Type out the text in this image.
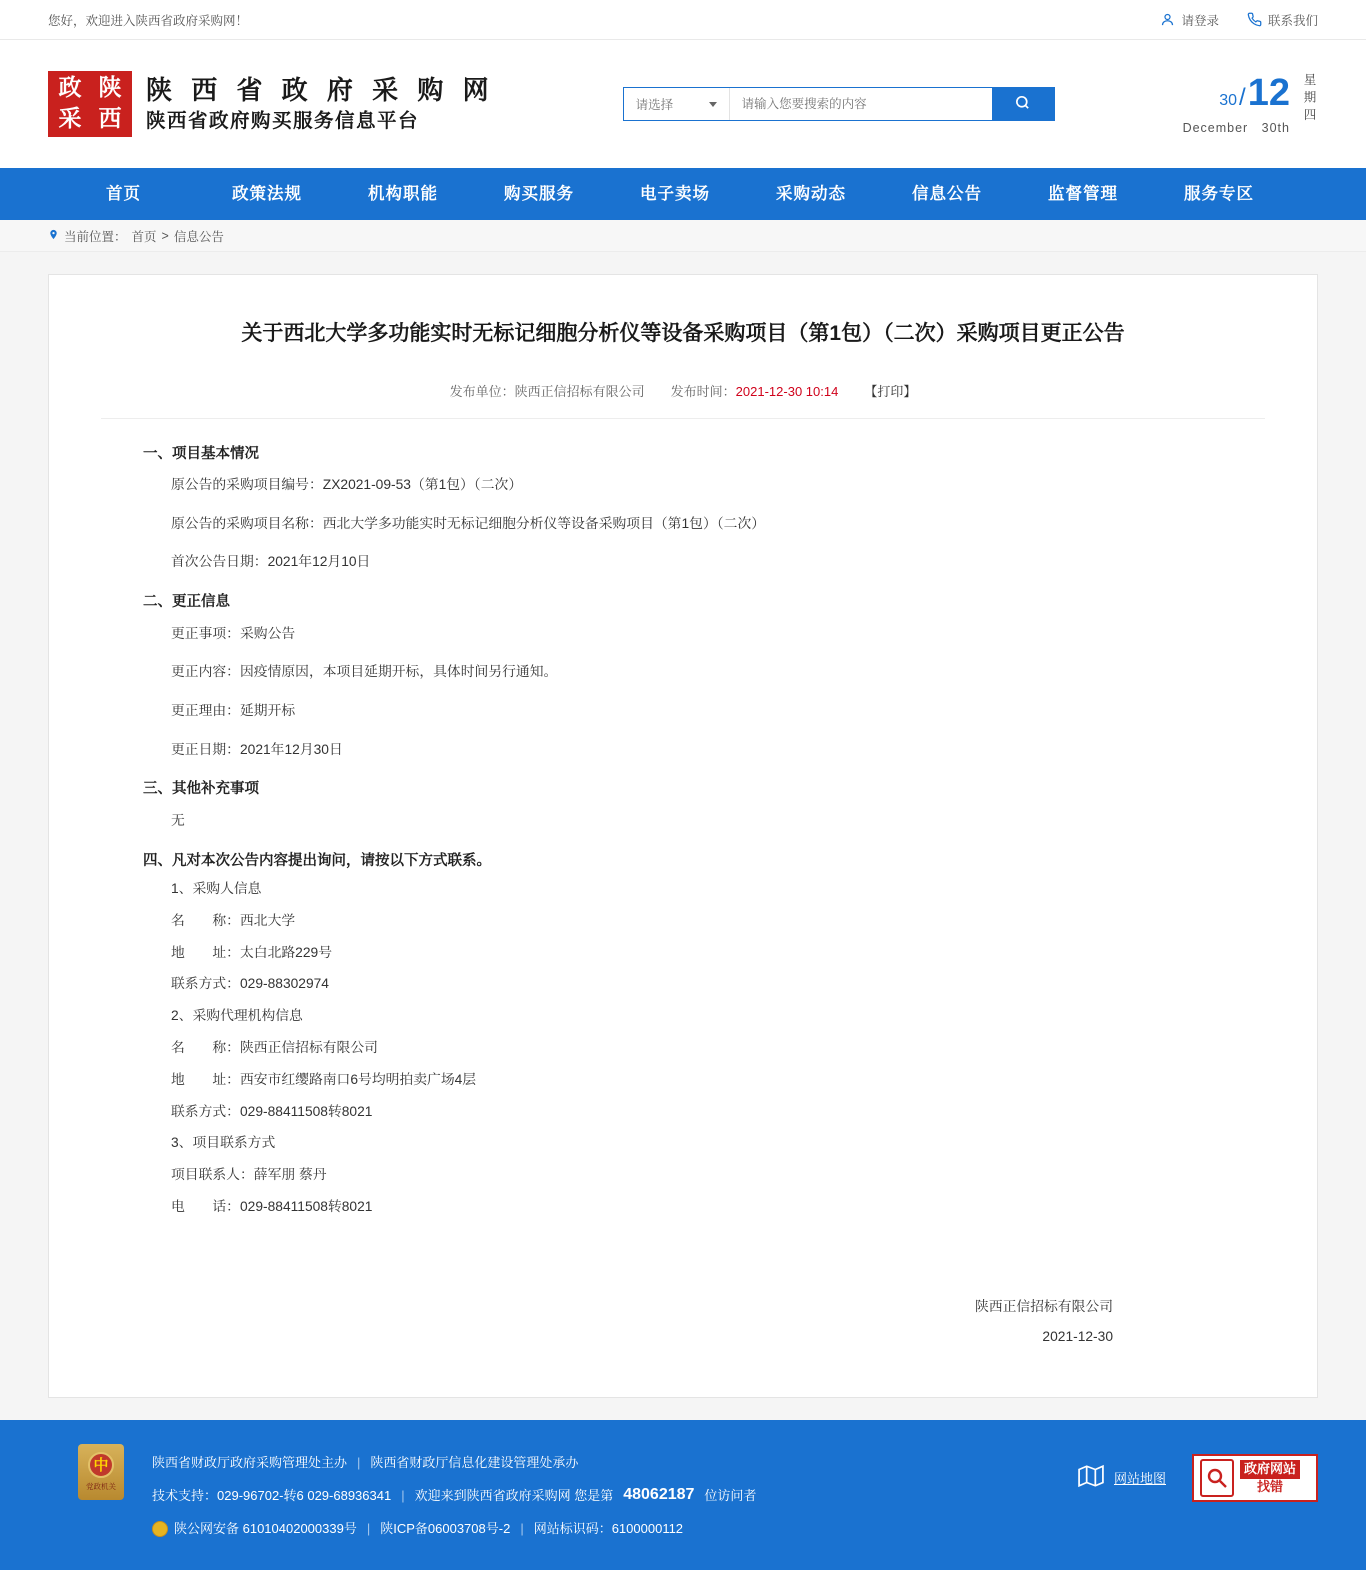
您好，欢迎进入陕西省政府采购网！	请登录	联系我们
政 陕
采 西
陕 西 省 政 府 采 购 网
陕西省政府购买服务信息平台
请选择
请输入您要搜索的内容	30/12
December 30th
星期四
首页	政策法规	机构职能	购买服务	电子卖场	采购动态	信息公告	监督管理	服务专区
当前位置： 首页 > 信息公告
关于西北大学多功能实时无标记细胞分析仪等设备采购项目（第1包）（二次）采购项目更正公告
发布单位：陕西正信招标有限公司 发布时间：2021-12-30 10:14 【打印】
一、项目基本情况

原公告的采购项目编号：ZX2021-09-53（第1包）（二次）

原公告的采购项目名称：西北大学多功能实时无标记细胞分析仪等设备采购项目（第1包）（二次）

首次公告日期：2021年12月10日

二、更正信息

更正事项：采购公告

更正内容：因疫情原因，本项目延期开标，具体时间另行通知。

更正理由：延期开标

更正日期：2021年12月30日

三、其他补充事项

无

四、凡对本次公告内容提出询问，请按以下方式联系。

1、采购人信息

名　　称：西北大学

地　　址：太白北路229号

联系方式：029-88302974

2、采购代理机构信息

名　　称：陕西正信招标有限公司

地　　址：西安市红缨路南口6号均明拍卖广场4层

联系方式：029-88411508转8021

3、项目联系方式

项目联系人：薛军朋 蔡丹

电　　话：029-88411508转8021

陕西正信招标有限公司
2021-12-30
中
党政机关
陕西省财政厅政府采购管理处主办 | 陕西省财政厅信息化建设管理处承办
技术支持：029-96702-转6 029-68936341 | 欢迎来到陕西省政府采购网 您是第 48062187 位访问者
陕公网安备 61010402000339号 | 陕ICP备06003708号-2 | 网站标识码：6100000112
网站地图
政府网站
找错
